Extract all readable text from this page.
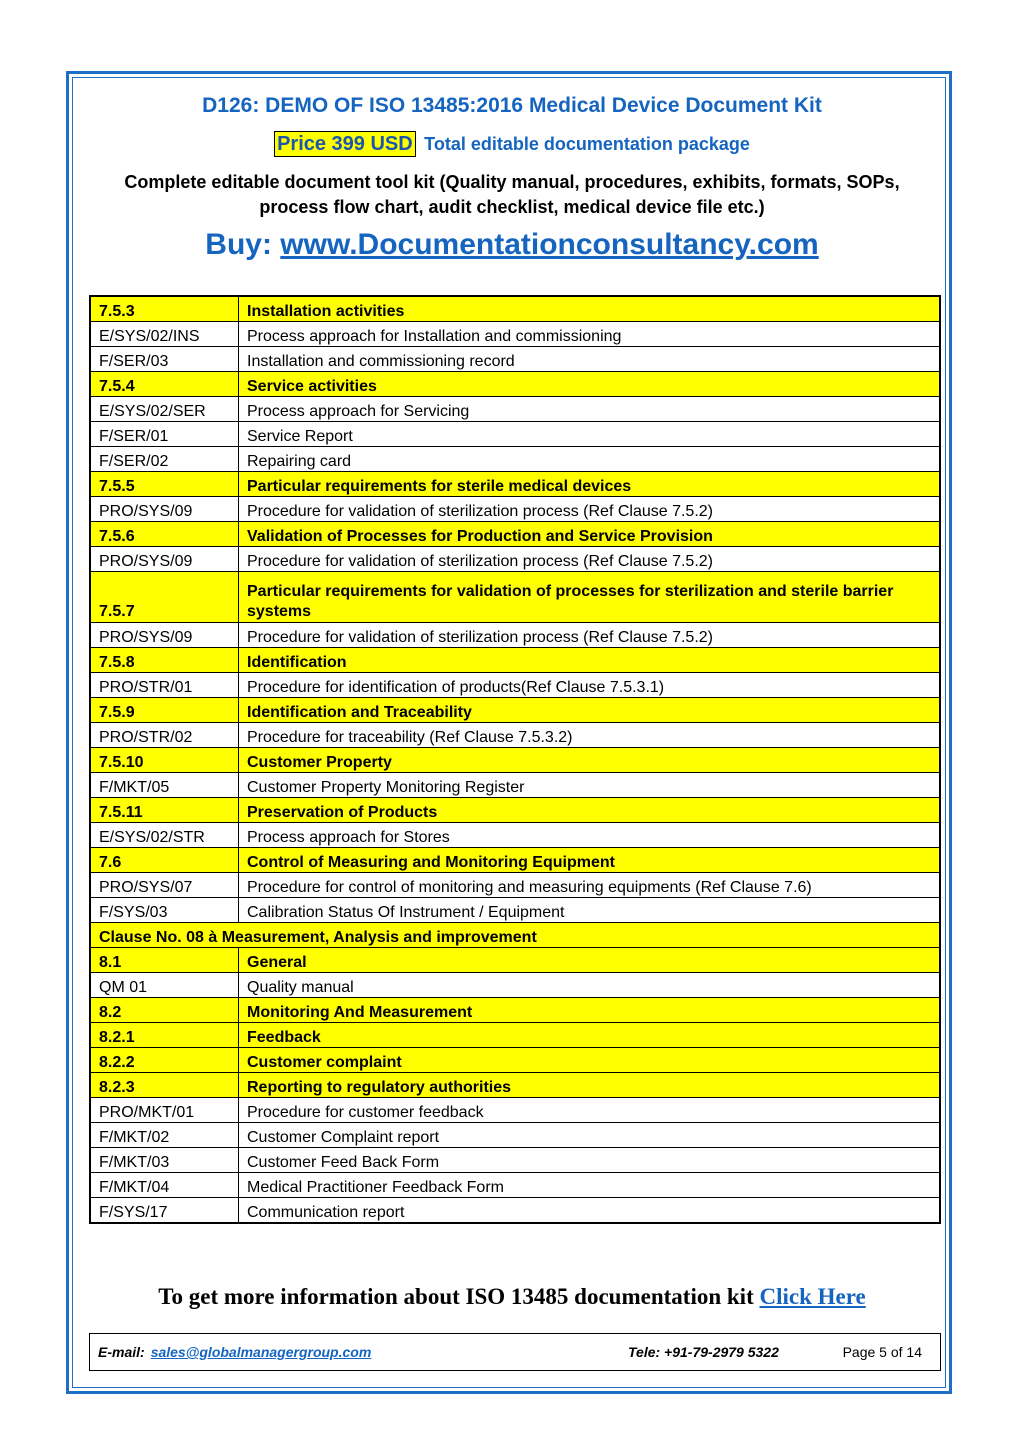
D126: DEMO OF ISO 13485:2016 Medical Device Document Kit
Price 399 USD Total editable documentation package
Complete editable document tool kit (Quality manual, procedures, exhibits, formats, SOPs, process flow chart, audit checklist, medical device file etc.)
Buy: www.Documentationconsultancy.com
7.5.3	Installation activities
E/SYS/02/INS	Process approach for Installation and commissioning
F/SER/03	Installation and commissioning record
7.5.4	Service activities
E/SYS/02/SER	Process approach for Servicing
F/SER/01	Service Report
F/SER/02	Repairing card
7.5.5	Particular requirements for sterile medical devices
PRO/SYS/09	Procedure for validation of sterilization process (Ref Clause 7.5.2)
7.5.6	Validation of Processes for Production and Service Provision
PRO/SYS/09	Procedure for validation of sterilization process (Ref Clause 7.5.2)
7.5.7	Particular requirements for validation of processes for sterilization and sterile barrier systems
PRO/SYS/09	Procedure for validation of sterilization process (Ref Clause 7.5.2)
7.5.8	Identification
PRO/STR/01	Procedure for identification of products(Ref Clause 7.5.3.1)
7.5.9	Identification and Traceability
PRO/STR/02	Procedure for traceability (Ref Clause 7.5.3.2)
7.5.10	Customer Property
F/MKT/05	Customer Property Monitoring Register
7.5.11	Preservation of Products
E/SYS/02/STR	Process approach for Stores
7.6	Control of Measuring and Monitoring Equipment
PRO/SYS/07	Procedure for control of monitoring and measuring equipments (Ref Clause 7.6)
F/SYS/03	Calibration Status Of Instrument / Equipment
Clause No. 08 à Measurement, Analysis and improvement	
8.1	General
QM 01	Quality manual
8.2	Monitoring And Measurement
8.2.1	Feedback
8.2.2	Customer complaint
8.2.3	Reporting to regulatory authorities
PRO/MKT/01	Procedure for customer feedback
F/MKT/02	Customer Complaint report
F/MKT/03	Customer Feed Back Form
F/MKT/04	Medical Practitioner Feedback Form
F/SYS/17	Communication report
To get more information about ISO 13485 documentation kit Click Here
E-mail: sales@globalmanagergroup.com	Tele: +91-79-2979 5322	Page 5 of 14
